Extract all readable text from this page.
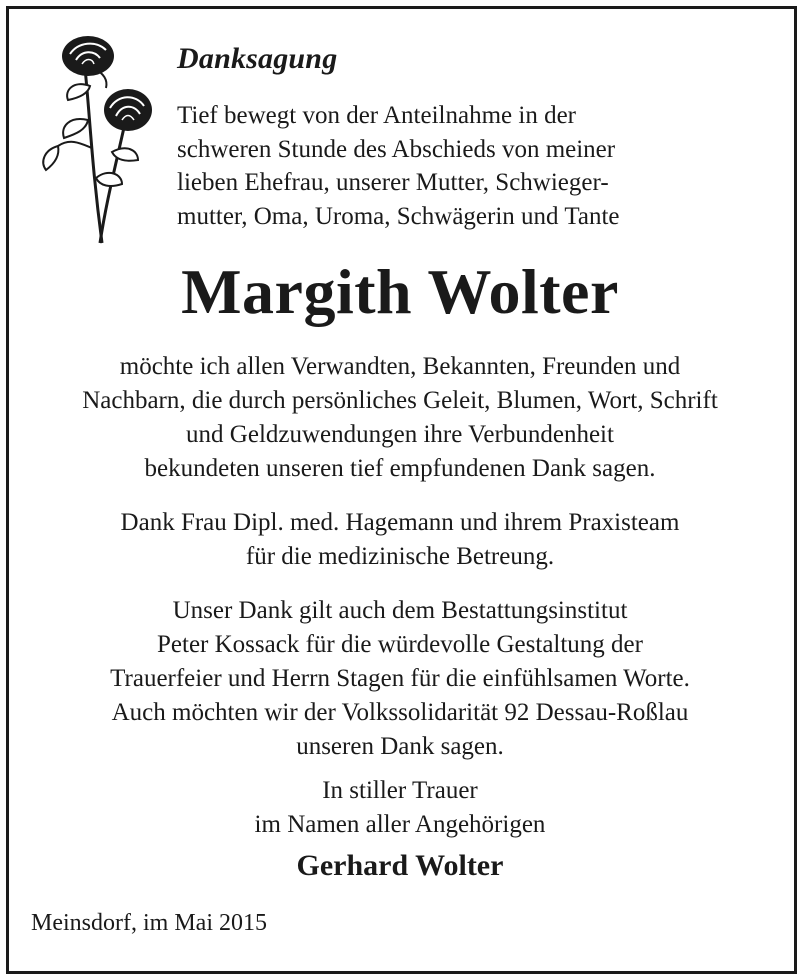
Danksagung
Tief bewegt von der Anteilnahme in der
schweren Stunde des Abschieds von meiner
lieben Ehefrau, unserer Mutter, Schwieger-
mutter, Oma, Uroma, Schwägerin und Tante
Margith Wolter
möchte ich allen Verwandten, Bekannten, Freunden und
Nachbarn, die durch persönliches Geleit, Blumen, Wort, Schrift
und Geldzuwendungen ihre Verbundenheit
bekundeten unseren tief empfundenen Dank sagen.
Dank Frau Dipl. med. Hagemann und ihrem Praxisteam
für die medizinische Betreung.
Unser Dank gilt auch dem Bestattungsinstitut
Peter Kossack für die würdevolle Gestaltung der
Trauerfeier und Herrn Stagen für die einfühlsamen Worte.
Auch möchten wir der Volkssolidarität 92 Dessau-Roßlau
unseren Dank sagen.
In stiller Trauer
im Namen aller Angehörigen
Gerhard Wolter
Meinsdorf, im Mai 2015
